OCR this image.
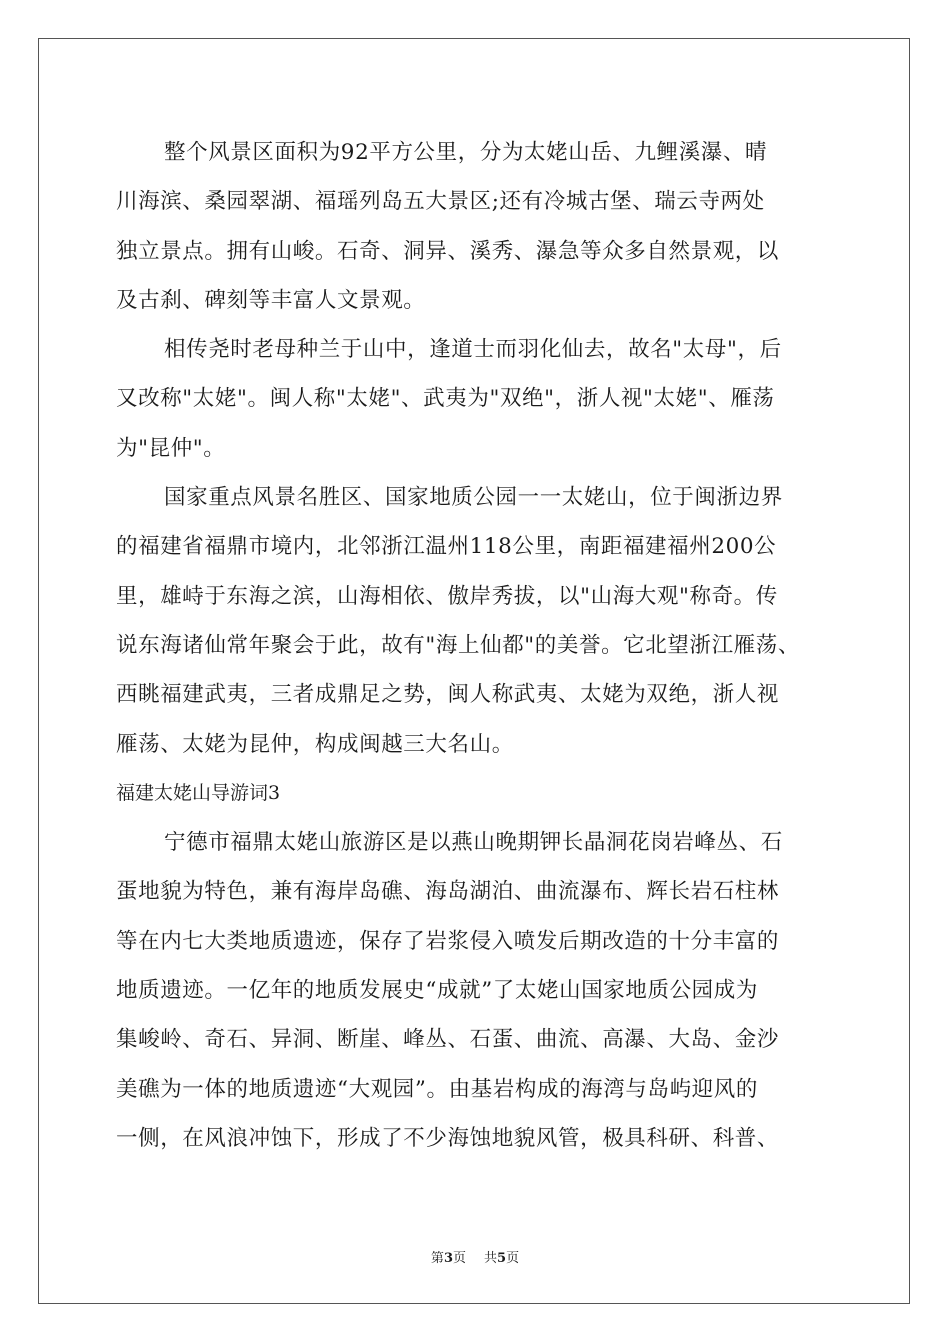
整个风景区面积为92平方公里，分为太姥山岳、九鲤溪瀑、晴
川海滨、桑园翠湖、福瑶列岛五大景区;还有冷城古堡、瑞云寺两处
独立景点。拥有山峻。石奇、洞异、溪秀、瀑急等众多自然景观，以
及古刹、碑刻等丰富人文景观。
相传尧时老母种兰于山中，逢道士而羽化仙去，故名"太母"，后
又改称"太姥"。闽人称"太姥"、武夷为"双绝"，浙人视"太姥"、雁荡
为"昆仲"。
国家重点风景名胜区、国家地质公园一一太姥山，位于闽浙边界
的福建省福鼎市境内，北邻浙江温州118公里，南距福建福州200公
里，雄峙于东海之滨，山海相依、傲岸秀拔，以"山海大观"称奇。传
说东海诸仙常年聚会于此，故有"海上仙都"的美誉。它北望浙江雁荡、
西眺福建武夷，三者成鼎足之势，闽人称武夷、太姥为双绝，浙人视
雁荡、太姥为昆仲，构成闽越三大名山。
福建太姥山导游词3
宁德市福鼎太姥山旅游区是以燕山晚期钾长晶洞花岗岩峰丛、石
蛋地貌为特色，兼有海岸岛礁、海岛湖泊、曲流瀑布、辉长岩石柱林
等在内七大类地质遗迹，保存了岩浆侵入喷发后期改造的十分丰富的
地质遗迹。一亿年的地质发展史“成就”了太姥山国家地质公园成为
集峻岭、奇石、异洞、断崖、峰丛、石蛋、曲流、高瀑、大岛、金沙
美礁为一体的地质遗迹“大观园”。由基岩构成的海湾与岛屿迎风的
一侧，在风浪冲蚀下，形成了不少海蚀地貌风管，极具科研、科普、
第3页 共5页
